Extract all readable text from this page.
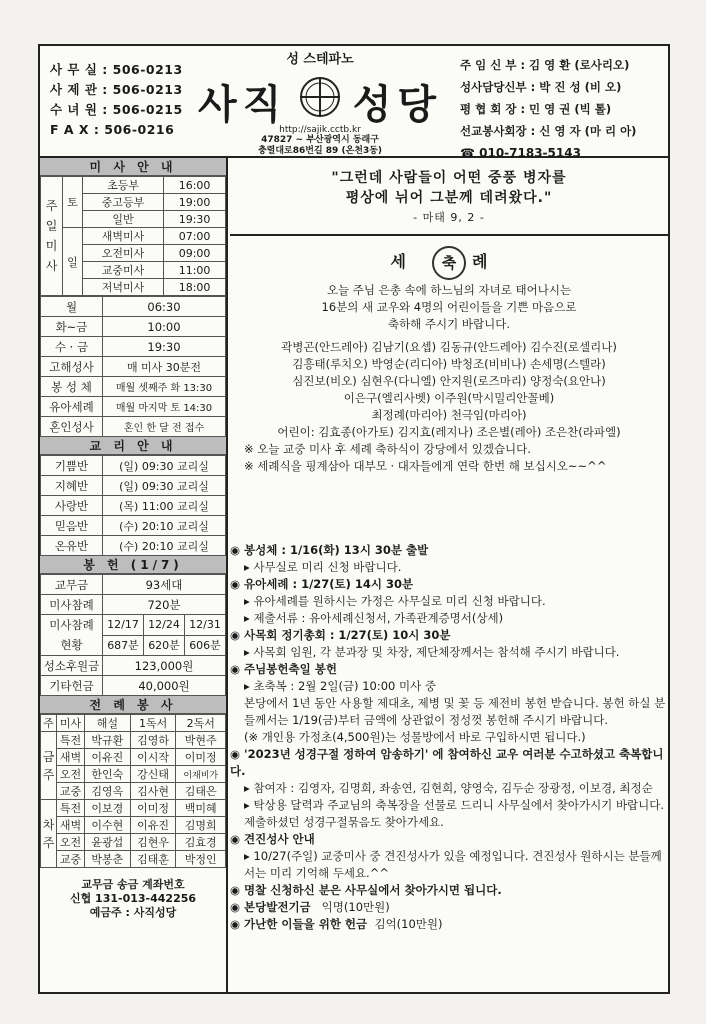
사 무 실 : 506-0213
사 제 관 : 506-0213
수 녀 원 : 506-0215
F A X : 506-0216
성 스테파노
사직 성당
http://sajik.cctb.kr
47827 ~ 부산광역시 동래구
충렬대로86번길 89 (온천3동)
주 임 신 부 : 김 영 환 (로사리오)
성사담당신부 : 박 진 성 (비 오)
평 협 회 장 : 민 영 권 (빅 톨)
선교봉사회장 : 신 영 자 (마 리 아)
☎ 010-7183-5143
미 사 안 내
주일미사	토	초등부	16:00
		중고등부	19:00
		일반	19:30
	일	새벽미사	07:00
		오전미사	09:00
		교중미사	11:00
		저녁미사	18:00
월	06:30
화~금	10:00
수 · 금	19:30
고해성사	매 미사 30분전
봉 성 체	매월 셋째주 화 13:30
유아세례	매월 마지막 토 14:30
혼인성사	혼인 한 달 전 접수
교 리 안 내
기쁨반	(일) 09:30 교리실
지혜반	(일) 09:30 교리실
사랑반	(목) 11:00 교리실
믿음반	(수) 20:10 교리실
온유반	(수) 20:10 교리실
봉 헌 (1/7)
교무금	93세대		
미사참례	720분		
미사참례 현황	12/17	12/24	12/31
	687분	620분	606분
성소후원금	123,000원		
기타헌금	40,000원		
전 례 봉 사
주	미사	해설	1독서	2독서
금주	특전	박규환	김영하	박현주
	새벽	이유진	이시작	이미정
	오전	한인숙	강신태	이재비가
	교중	김영옥	김사현	김태은
차주	특전	이보경	이미정	백미혜
	새벽	이수현	이유진	김명희
	오전	윤광섭	김현우	김효경
	교중	박봉춘	김태훈	박정인
교무금 송금 계좌번호
신협 131-013-442256
예금주 : 사직성당
"그런데 사람들이 어떤 중풍 병자를
평상에 뉘어 그분께 데려왔다."
- 마태 9, 2 -
세 축 례
오늘 주님 은총 속에 하느님의 자녀로 태어나시는
16분의 새 교우와 4명의 어린이들을 기쁜 마음으로
축하해 주시기 바랍니다.
곽병곤(안드레아) 김남기(요셉) 김동규(안드레아) 김수진(로셀리나)
김흥태(루치오) 박영순(리디아) 박청조(비비나) 손세명(스텔라)
심진보(비오) 심현우(다니엘) 안지원(로즈마리) 양정숙(요안나)
이은구(엘리사벳) 이주원(막시밀리안꼴베)
최정례(마리아) 천극임(마리아)
어린이: 김효종(아가토) 김지효(레지나) 조은별(레아) 조은찬(라파엘)
※ 오늘 교중 미사 후 세례 축하식이 강당에서 있겠습니다.
※ 세례식을 핑계삼아 대부모 · 대자들에게 연락 한번 해 보십시오~~^^
◉ 봉성체 : 1/16(화) 13시 30분 출발
▸ 사무실로 미리 신청 바랍니다.
◉ 유아세례 : 1/27(토) 14시 30분
▸ 유아세례를 원하시는 가정은 사무실로 미리 신청 바랍니다.
▸ 제출서류 : 유아세례신청서, 가족관계증명서(상세)
◉ 사목회 정기총회 : 1/27(토) 10시 30분
▸ 사목회 임원, 각 분과장 및 차장, 제단체장께서는 참석해 주시기 바랍니다.
◉ 주님봉헌축일 봉헌
▸ 초축복 : 2월 2일(금) 10:00 미사 중
본당에서 1년 동안 사용할 제대초, 제병 및 꽃 등 제전비 봉헌 받습니다. 봉헌 하실 분들께서는 1/19(금)부터 금액에 상관없이 정성껏 봉헌해 주시기 바랍니다.
(※ 개인용 가정초(4,500원)는 성물방에서 바로 구입하시면 됩니다.)
◉ '2023년 성경구절 정하여 암송하기' 에 참여하신 교우 여러분 수고하셨고 축복합니다.
▸ 참여자 : 김영자, 김명희, 좌송연, 김현희, 양영숙, 김두순 장광정, 이보경, 최정순
▸ 탁상용 달력과 주교님의 축복장을 선물로 드리니 사무실에서 찾아가시기 바랍니다. 제출하셨던 성경구절묶음도 찾아가세요.
◉ 견진성사 안내
▸ 10/27(주일) 교중미사 중 견진성사가 있을 예정입니다. 견진성사 원하시는 분들께서는 미리 기억해 두세요.^^
◉ 명찰 신청하신 분은 사무실에서 찾아가시면 됩니다.
◉ 본당발전기금 익명(10만원)
◉ 가난한 이들을 위한 헌금 김억(10만원)
